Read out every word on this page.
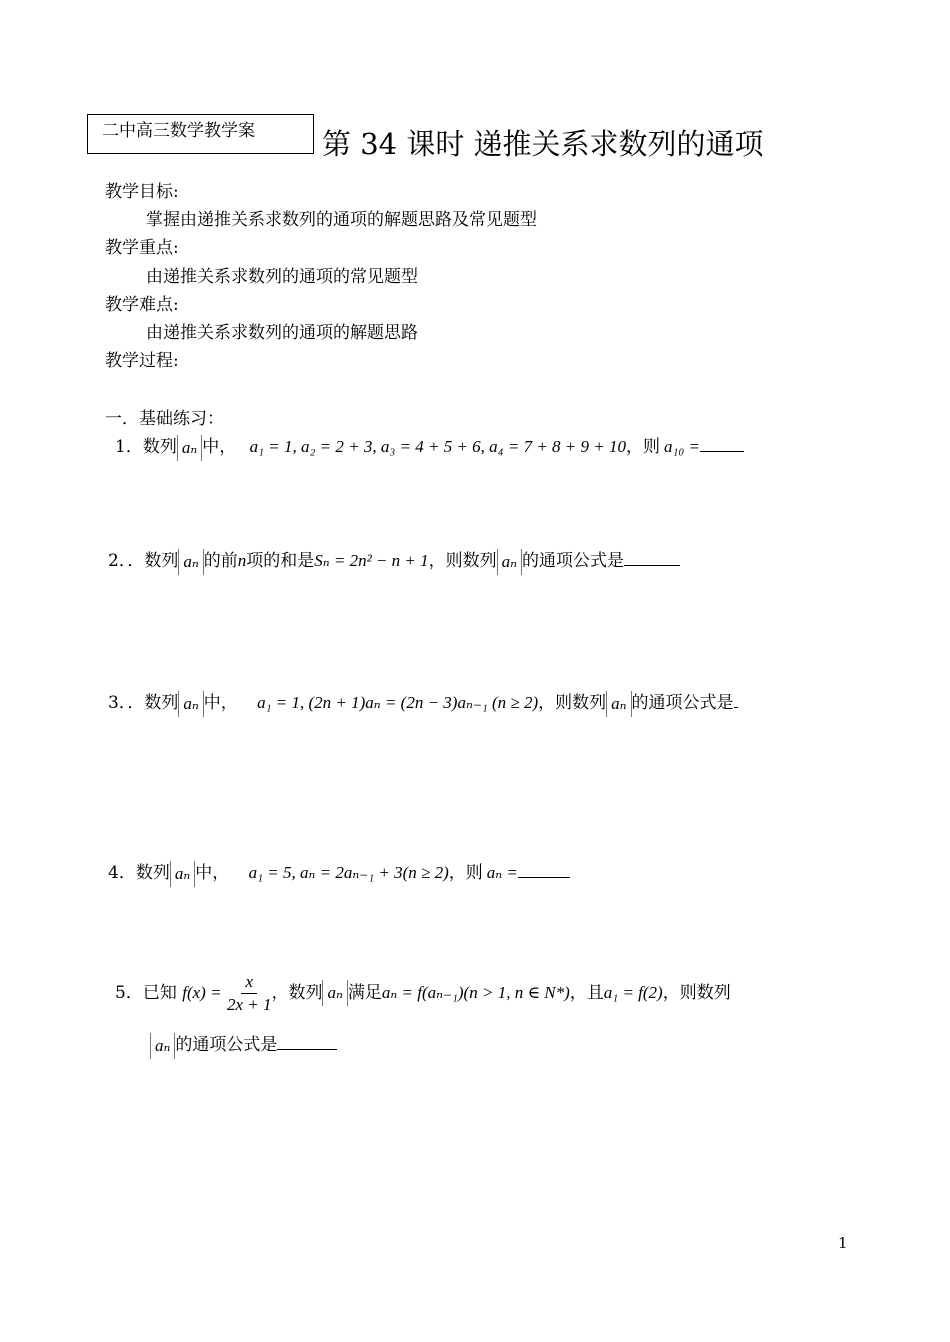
二中高三数学教学案	第 34 课时 递推关系求数列的通项
教学目标:
掌握由递推关系求数列的通项的解题思路及常见题型
教学重点:
由递推关系求数列的通项的常见题型
教学难点:
由递推关系求数列的通项的解题思路
教学过程:
一．基础练习：
1．数列 aₙ 中， a₁ = 1, a₂ = 2 + 3, a₃ = 4 + 5 + 6, a₄ = 7 + 8 + 9 + 10，则 a₁₀ =
2．．数列 aₙ 的前n项的和是Sₙ = 2n² − n + 1，则数列 aₙ 的通项公式是
3．．数列 aₙ 中， a₁ = 1, (2n + 1)aₙ = (2n − 3)aₙ₋₁ (n ≥ 2)，则数列 aₙ 的通项公式是
4．数列 aₙ 中， a₁ = 5, aₙ = 2aₙ₋₁ + 3(n ≥ 2)，则 aₙ =
5．已知 $f(x) = \frac{x}{2x + 1}$ ，数列 aₙ 满足aₙ = f(aₙ₋₁)(n > 1, n ∈ N*)，且a₁ = f(2)，则数列
aₙ 的通项公式是
1
